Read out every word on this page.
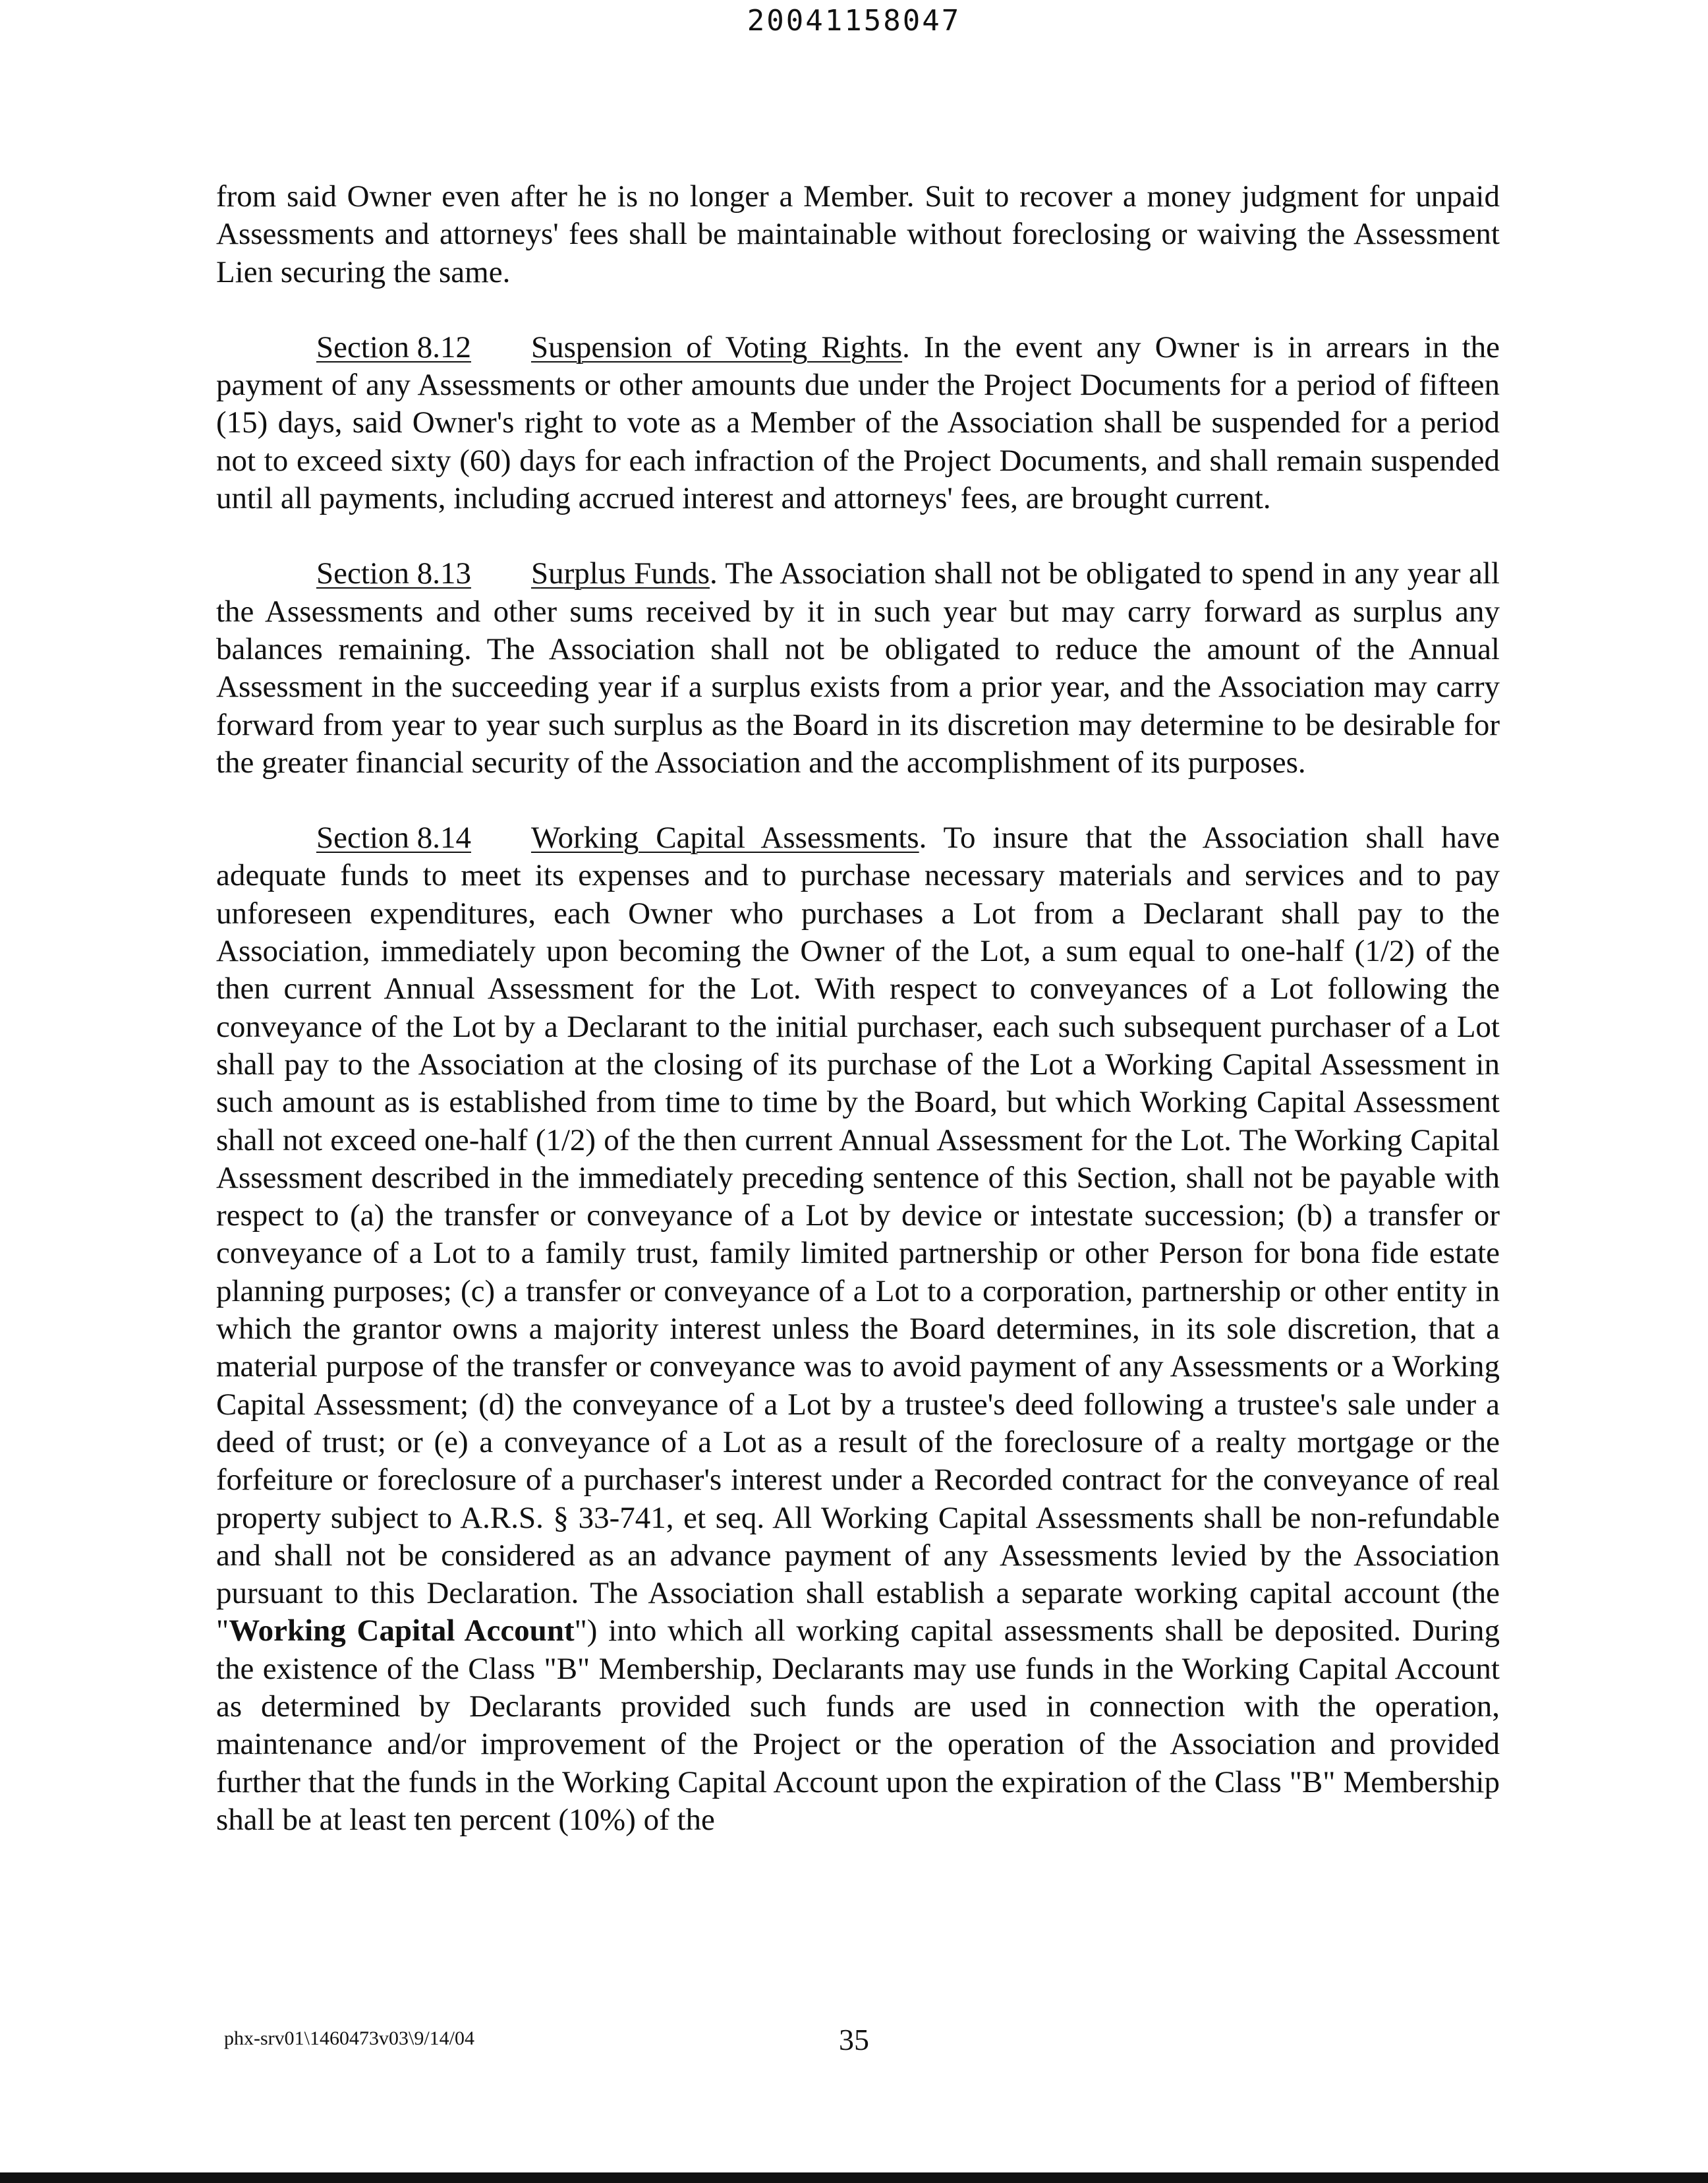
20041158047

from said Owner even after he is no longer a Member. Suit to recover a money judgment for unpaid Assessments and attorneys' fees shall be maintainable without foreclosing or waiving the Assessment Lien securing the same.

Section 8.12 Suspension of Voting Rights. In the event any Owner is in arrears in the payment of any Assessments or other amounts due under the Project Documents for a period of fifteen (15) days, said Owner's right to vote as a Member of the Association shall be suspended for a period not to exceed sixty (60) days for each infraction of the Project Documents, and shall remain suspended until all payments, including accrued interest and attorneys' fees, are brought current.

Section 8.13 Surplus Funds. The Association shall not be obligated to spend in any year all the Assessments and other sums received by it in such year but may carry forward as surplus any balances remaining. The Association shall not be obligated to reduce the amount of the Annual Assessment in the succeeding year if a surplus exists from a prior year, and the Association may carry forward from year to year such surplus as the Board in its discretion may determine to be desirable for the greater financial security of the Association and the accomplishment of its purposes.

Section 8.14 Working Capital Assessments. To insure that the Association shall have adequate funds to meet its expenses and to purchase necessary materials and services and to pay unforeseen expenditures, each Owner who purchases a Lot from a Declarant shall pay to the Association, immediately upon becoming the Owner of the Lot, a sum equal to one-half (1/2) of the then current Annual Assessment for the Lot. With respect to conveyances of a Lot following the conveyance of the Lot by a Declarant to the initial purchaser, each such subsequent purchaser of a Lot shall pay to the Association at the closing of its purchase of the Lot a Working Capital Assessment in such amount as is established from time to time by the Board, but which Working Capital Assessment shall not exceed one-half (1/2) of the then current Annual Assessment for the Lot. The Working Capital Assessment described in the immediately preceding sentence of this Section, shall not be payable with respect to (a) the transfer or conveyance of a Lot by device or intestate succession; (b) a transfer or conveyance of a Lot to a family trust, family limited partnership or other Person for bona fide estate planning purposes; (c) a transfer or conveyance of a Lot to a corporation, partnership or other entity in which the grantor owns a majority interest unless the Board determines, in its sole discretion, that a material purpose of the transfer or conveyance was to avoid payment of any Assessments or a Working Capital Assessment; (d) the conveyance of a Lot by a trustee's deed following a trustee's sale under a deed of trust; or (e) a conveyance of a Lot as a result of the foreclosure of a realty mortgage or the forfeiture or foreclosure of a purchaser's interest under a Recorded contract for the conveyance of real property subject to A.R.S. § 33-741, et seq. All Working Capital Assessments shall be non-refundable and shall not be considered as an advance payment of any Assessments levied by the Association pursuant to this Declaration. The Association shall establish a separate working capital account (the "Working Capital Account") into which all working capital assessments shall be deposited. During the existence of the Class "B" Membership, Declarants may use funds in the Working Capital Account as determined by Declarants provided such funds are used in connection with the operation, maintenance and/or improvement of the Project or the operation of the Association and provided further that the funds in the Working Capital Account upon the expiration of the Class "B" Membership shall be at least ten percent (10%) of the

phx-srv01\1460473v03\9/14/04	35
